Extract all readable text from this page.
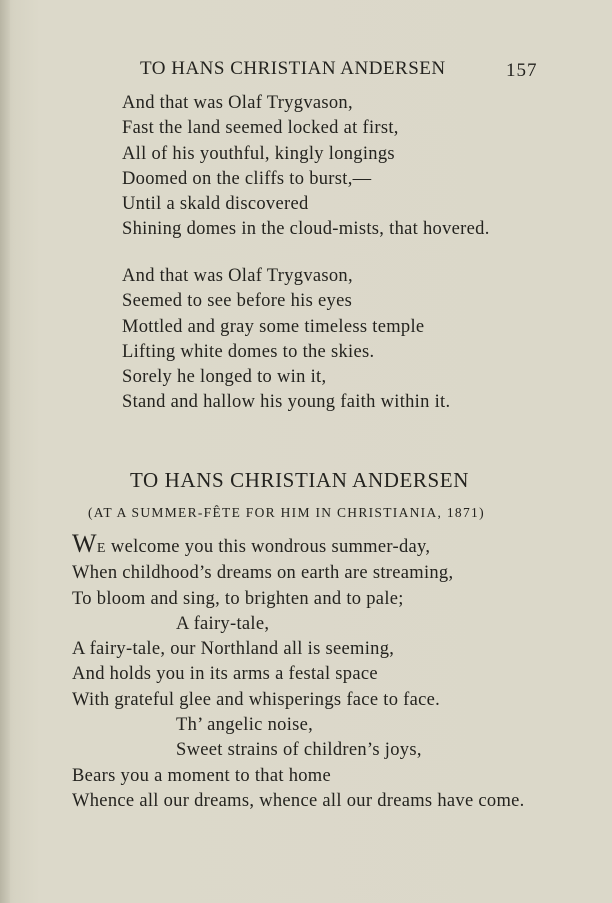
TO HANS CHRISTIAN ANDERSEN	157
And that was Olaf Trygvason,
Fast the land seemed locked at first,
All of his youthful, kingly longings
Doomed on the cliffs to burst,—
Until a skald discovered
Shining domes in the cloud-mists, that hovered.
And that was Olaf Trygvason,
Seemed to see before his eyes
Mottled and gray some timeless temple
Lifting white domes to the skies.
Sorely he longed to win it,
Stand and hallow his young faith within it.
TO HANS CHRISTIAN ANDERSEN
(AT A SUMMER-FÊTE FOR HIM IN CHRISTIANIA, 1871)
WE welcome you this wondrous summer-day,
When childhood’s dreams on earth are streaming,
To bloom and sing, to brighten and to pale;
A fairy-tale,
A fairy-tale, our Northland all is seeming,
And holds you in its arms a festal space
With grateful glee and whisperings face to face.
Th’ angelic noise,
Sweet strains of children’s joys,
Bears you a moment to that home
Whence all our dreams, whence all our dreams have come.
